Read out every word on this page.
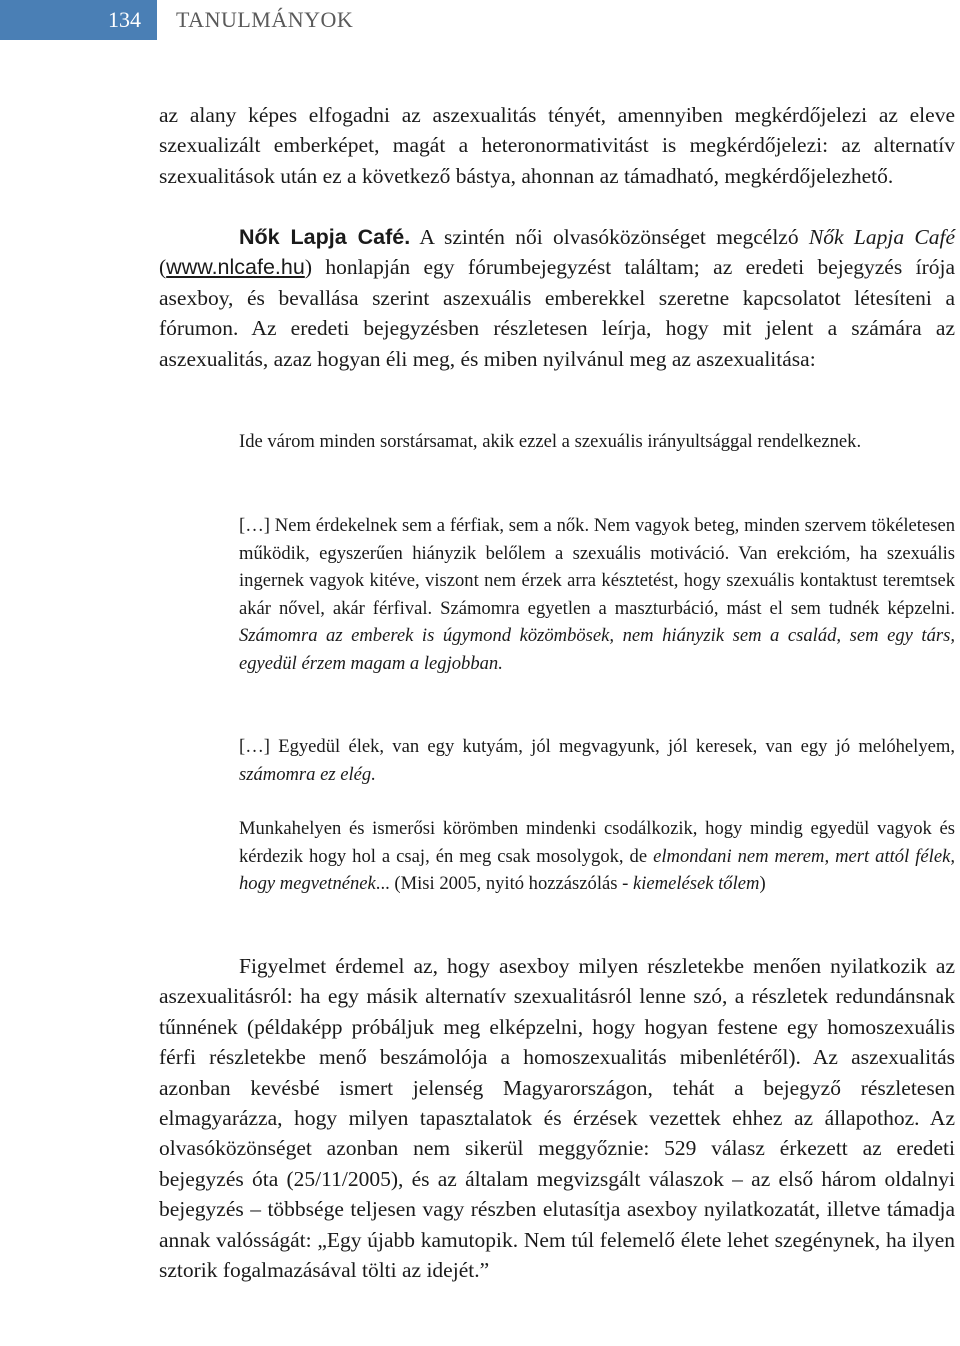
134	TANULMÁNYOK

az alany képes elfogadni az aszexualitás tényét, amennyiben megkérdőjelezi az eleve szexualizált emberképet, magát a heteronormativitást is megkérdőjelezi: az alternatív szexualitások után ez a következő bástya, ahonnan az támadható, megkérdőjelezhető.

Nők Lapja Café. A szintén női olvasóközönséget megcélzó Nők Lapja Café (www.nlcafe.hu) honlapján egy fórumbejegyzést találtam; az eredeti bejegyzés írója asexboy, és bevallása szerint aszexuális emberekkel szeretne kapcsolatot létesíteni a fórumon. Az eredeti bejegyzésben részletesen leírja, hogy mit jelent a számára az aszexualitás, azaz hogyan éli meg, és miben nyilvánul meg az aszexualitása:

Ide várom minden sorstársamat, akik ezzel a szexuális irányultsággal rendelkeznek.

[…] Nem érdekelnek sem a férfiak, sem a nők. Nem vagyok beteg, minden szervem tökéletesen működik, egyszerűen hiányzik belőlem a szexuális motiváció. Van erekcióm, ha szexuális ingernek vagyok kitéve, viszont nem érzek arra késztetést, hogy szexuális kontaktust teremtsek akár nővel, akár férfival. Számomra egyetlen a maszturbáció, mást el sem tudnék képzelni. Számomra az emberek is úgymond közömbösek, nem hiányzik sem a család, sem egy társ, egyedül érzem magam a legjobban.

[…] Egyedül élek, van egy kutyám, jól megvagyunk, jól keresek, van egy jó melóhelyem, számomra ez elég.

Munkahelyen és ismerősi körömben mindenki csodálkozik, hogy mindig egyedül vagyok és kérdezik hogy hol a csaj, én meg csak mosolygok, de elmondani nem merem, mert attól félek, hogy megvetnének... (Misi 2005, nyitó hozzászólás - kiemelések tőlem)

Figyelmet érdemel az, hogy asexboy milyen részletekbe menően nyilatkozik az aszexualitásról: ha egy másik alternatív szexualitásról lenne szó, a részletek redundánsnak tűnnének (példaképp próbáljuk meg elképzelni, hogy hogyan festene egy homoszexuális férfi részletekbe menő beszámolója a homoszexualitás mibenlétéről). Az aszexualitás azonban kevésbé ismert jelenség Magyarországon, tehát a bejegyző részletesen elmagyarázza, hogy milyen tapasztalatok és érzések vezettek ehhez az állapothoz. Az olvasóközönséget azonban nem sikerül meggyőznie: 529 válasz érkezett az eredeti bejegyzés óta (25/11/2005), és az általam megvizsgált válaszok – az első három oldalnyi bejegyzés – többsége teljesen vagy részben elutasítja asexboy nyilatkozatát, illetve támadja annak valósságát: „Egy újabb kamutopik. Nem túl felemelő élete lehet szegénynek, ha ilyen sztorik fogalmazásával tölti az idejét.”
